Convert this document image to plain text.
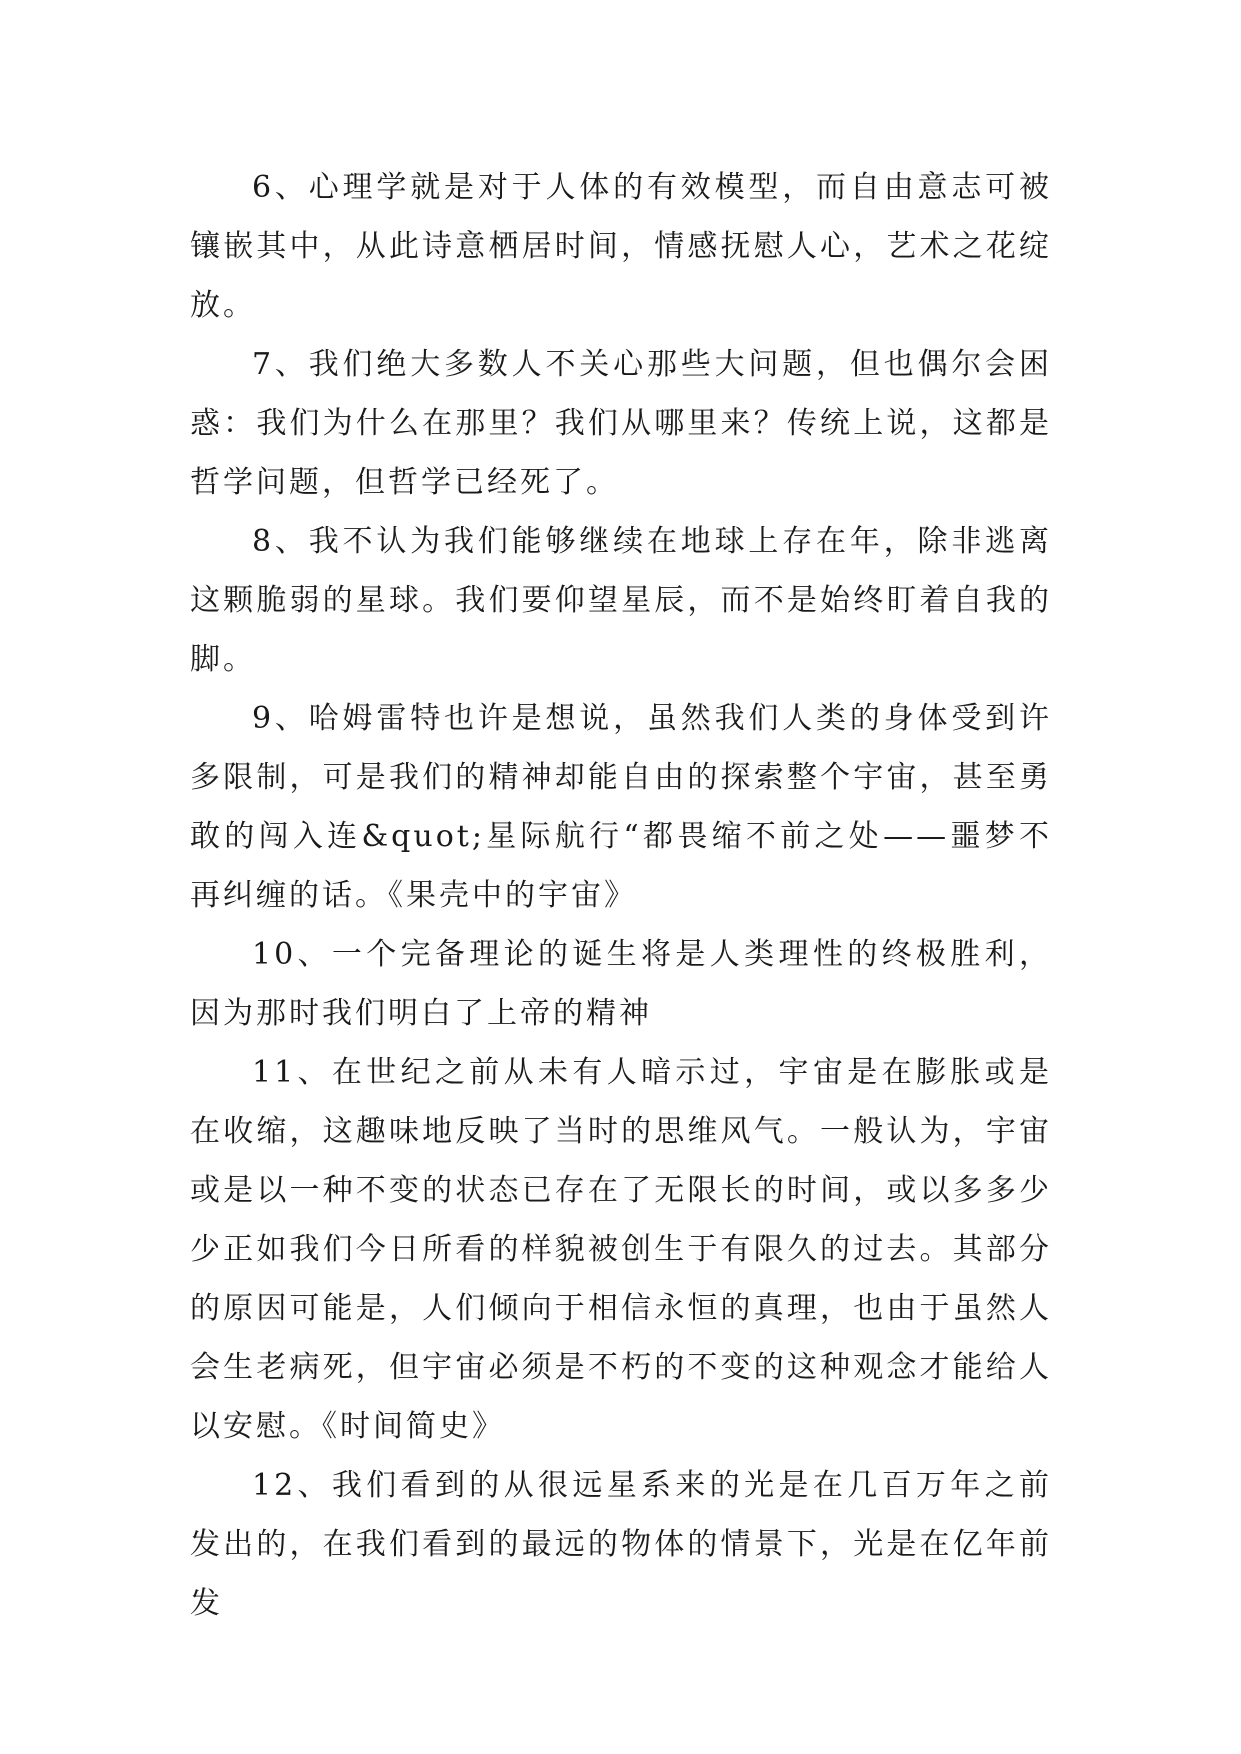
6、心理学就是对于人体的有效模型，而自由意志可被镶嵌其中，从此诗意栖居时间，情感抚慰人心，艺术之花绽放。

7、我们绝大多数人不关心那些大问题，但也偶尔会困惑：我们为什么在那里？我们从哪里来？传统上说，这都是哲学问题，但哲学已经死了。

8、我不认为我们能够继续在地球上存在年，除非逃离这颗脆弱的星球。我们要仰望星辰，而不是始终盯着自我的脚。

9、哈姆雷特也许是想说，虽然我们人类的身体受到许多限制，可是我们的精神却能自由的探索整个宇宙，甚至勇敢的闯入连&quot;星际航行“都畏缩不前之处——噩梦不再纠缠的话。《果壳中的宇宙》

10、一个完备理论的诞生将是人类理性的终极胜利，因为那时我们明白了上帝的精神

11、在世纪之前从未有人暗示过，宇宙是在膨胀或是在收缩，这趣味地反映了当时的思维风气。一般认为，宇宙或是以一种不变的状态已存在了无限长的时间，或以多多少少正如我们今日所看的样貌被创生于有限久的过去。其部分的原因可能是，人们倾向于相信永恒的真理，也由于虽然人会生老病死，但宇宙必须是不朽的不变的这种观念才能给人以安慰。《时间简史》

12、我们看到的从很远星系来的光是在几百万年之前发出的，在我们看到的最远的物体的情景下，光是在亿年前发
